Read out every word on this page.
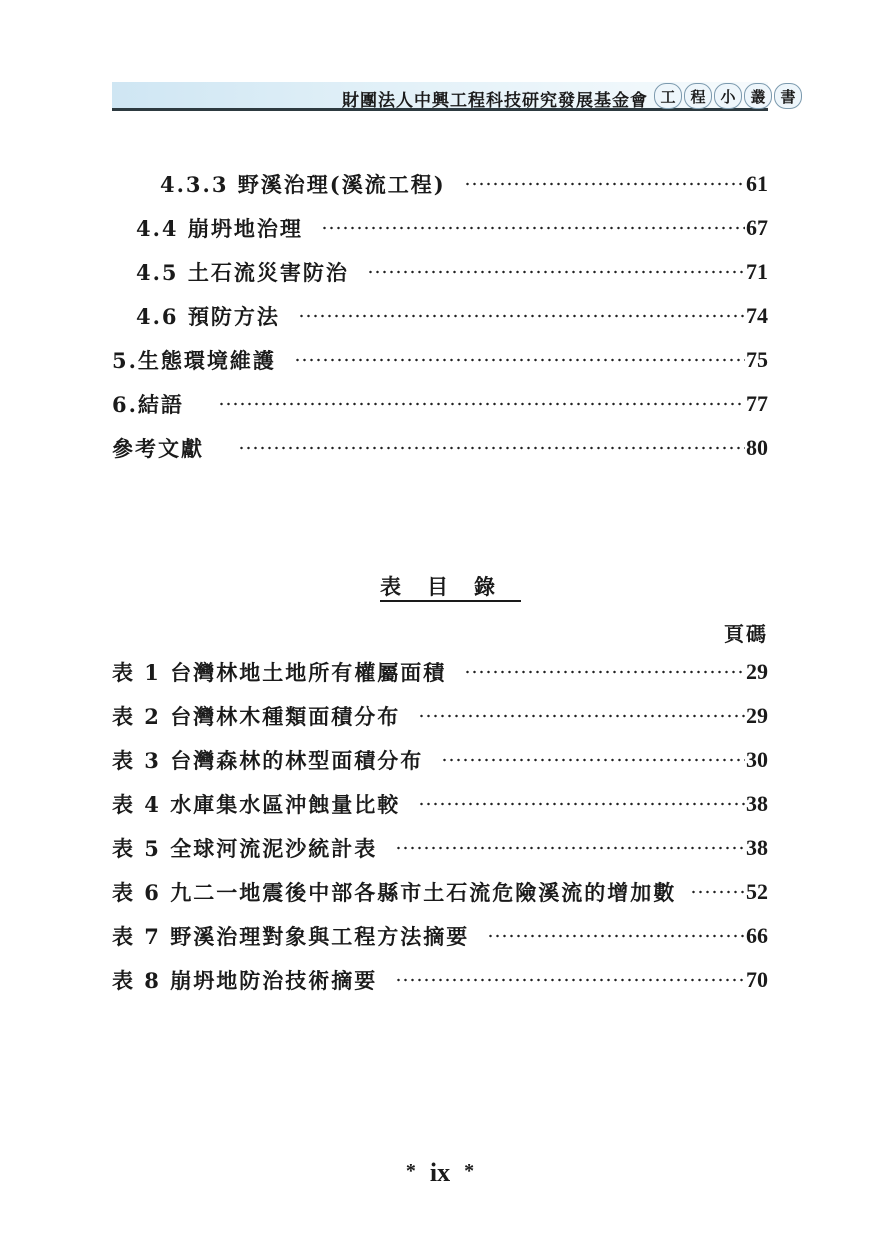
財團法人中興工程科技研究發展基金會 工 程 小 叢 書
4.3.3 野溪治理(溪流工程)	61
4.4 崩坍地治理	67
4.5 土石流災害防治	71
4.6 預防方法	74
5.生態環境維護	75
6.結語	77
參考文獻	80
表目錄
頁碼
表 1 台灣林地土地所有權屬面積	29
表 2 台灣林木種類面積分布	29
表 3 台灣森林的林型面積分布	30
表 4 水庫集水區沖蝕量比較	38
表 5 全球河流泥沙統計表	38
表 6 九二一地震後中部各縣市土石流危險溪流的增加數	52
表 7 野溪治理對象與工程方法摘要	66
表 8 崩坍地防治技術摘要	70
* ix *
